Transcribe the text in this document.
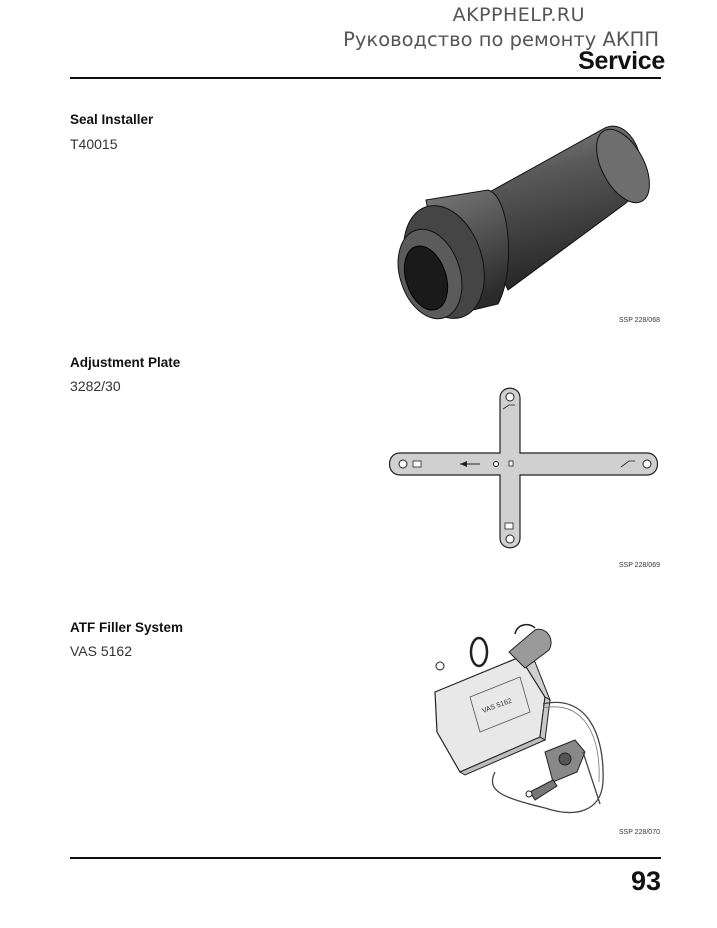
AKPPHELP.RU
Руководство по ремонту АКПП
Service
Seal Installer
T40015
SSP 228/068
Adjustment Plate
3282/30
SSP 228/069
ATF Filler System
VAS 5162
VAS 5162
SSP 228/070
93
